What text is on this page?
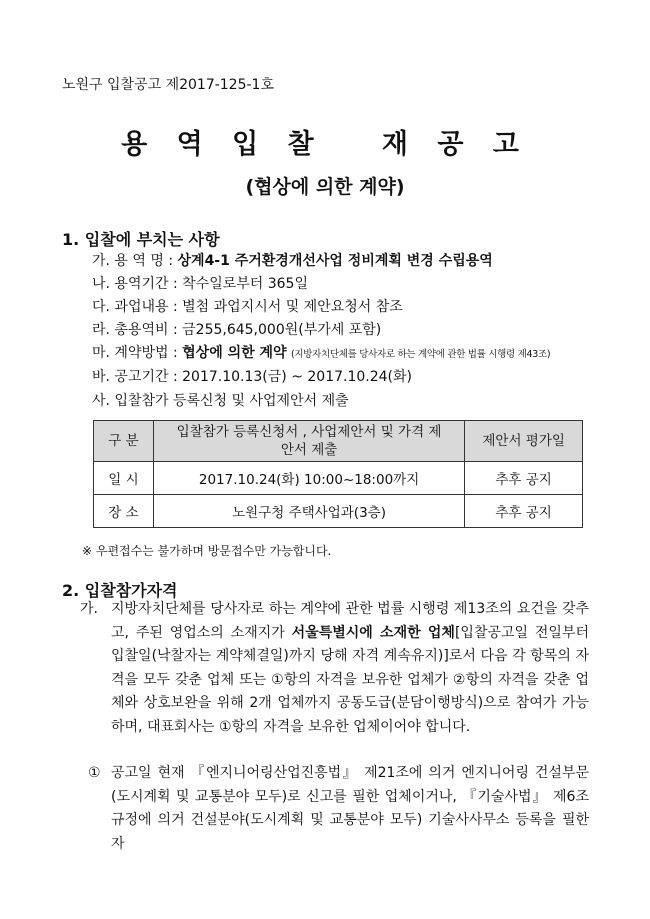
노원구 입찰공고 제2017-125-1호
용 역 입 찰   재 공 고
(협상에 의한 계약)
1. 입찰에 부치는 사항
가. 용 역 명 : 상계4-1 주거환경개선사업 정비계획 변경 수립용역
나. 용역기간 : 착수일로부터 365일
다. 과업내용 : 별첨 과업지시서 및 제안요청서 참조
라. 총용역비 : 금255,645,000원(부가세 포함)
마. 계약방법 : 협상에 의한 계약 (지방자치단체를 당사자로 하는 계약에 관한 법률 시행령 제43조)
바. 공고기간 : 2017.10.13(금) ~ 2017.10.24(화)
사. 입찰참가 등록신청 및 사업제안서 제출
구 분	입찰참가 등록신청서 , 사업제안서 및 가격 제안서 제출	제안서 평가일
일 시	2017.10.24(화) 10:00~18:00까지	추후 공지
장 소	노원구청 주택사업과(3층)	추후 공지
※ 우편접수는 불가하며 방문접수만 가능합니다.
2. 입찰참가자격
가. 지방자치단체를 당사자로 하는 계약에 관한 법률 시행령 제13조의 요건을 갖추고, 주된 영업소의 소재지가 서울특별시에 소재한 업체[입찰공고일 전일부터 입찰일(낙찰자는 계약체결일)까지 당해 자격 계속유지)]로서 다음 각 항목의 자격을 모두 갖춘 업체 또는 ①항의 자격을 보유한 업체가 ②항의 자격을 갖춘 업체와 상호보완을 위해 2개 업체까지 공동도급(분담이행방식)으로 참여가 가능하며, 대표회사는 ①항의 자격을 보유한 업체이어야 합니다.
① 공고일 현재 『엔지니어링산업진흥법』 제21조에 의거 엔지니어링 건설부문(도시계획 및 교통분야 모두)로 신고를 필한 업체이거나, 『기술사법』 제6조 규정에 의거 건설분야(도시계획 및 교통분야 모두) 기술사사무소 등록을 필한 자
